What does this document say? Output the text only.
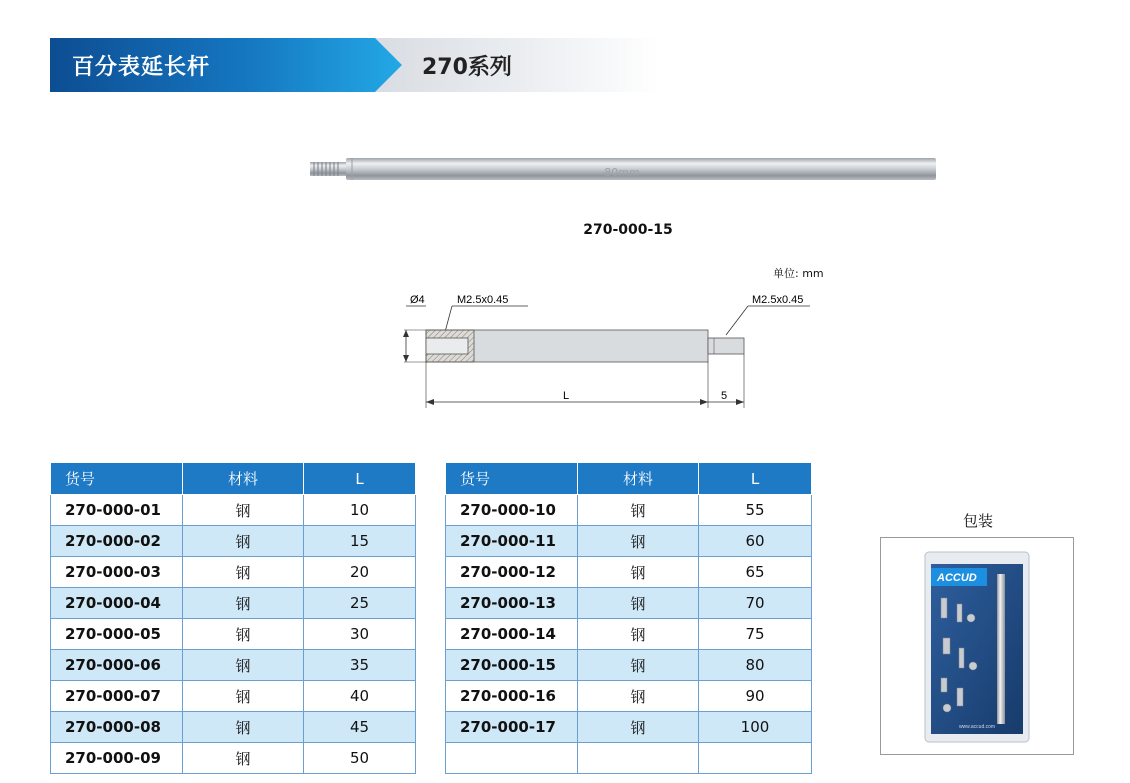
百分表延长杆	270系列
80mm
270-000-15
单位: mm
Ø4	M2.5x0.45	M2.5x0.45
L	5
货号	材料	L
270-000-01	钢	10
270-000-02	钢	15
270-000-03	钢	20
270-000-04	钢	25
270-000-05	钢	30
270-000-06	钢	35
270-000-07	钢	40
270-000-08	钢	45
270-000-09	钢	50
货号	材料	L
270-000-10	钢	55
270-000-11	钢	60
270-000-12	钢	65
270-000-13	钢	70
270-000-14	钢	75
270-000-15	钢	80
270-000-16	钢	90
270-000-17	钢	100

包装
ACCUD
www.accud.com
